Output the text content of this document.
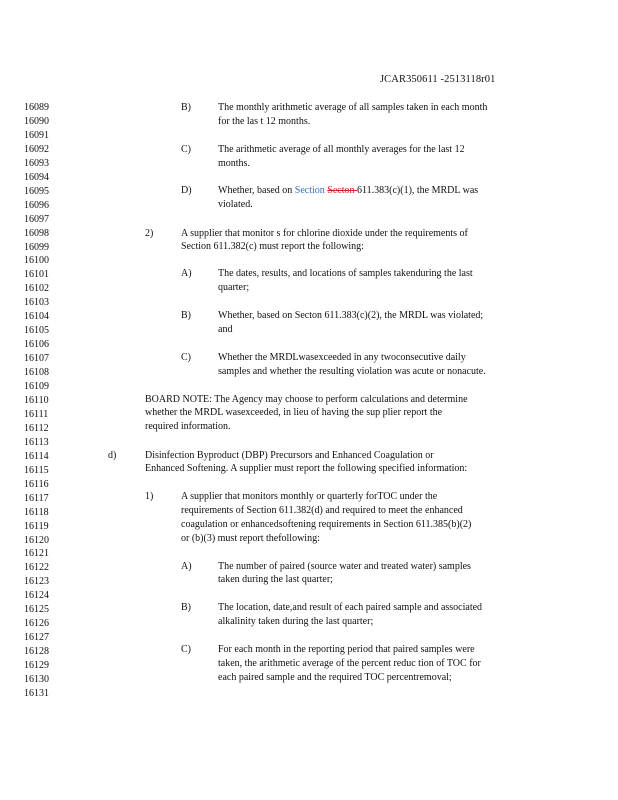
JCAR350611 -2513118r01
16089
16090
16091
16092
16093
16094
16095
16096
16097
16098
16099
16100
16101
16102
16103
16104
16105
16106
16107
16108
16109
16110
16111
16112
16113
16114
16115
16116
16117
16118
16119
16120
16121
16122
16123
16124
16125
16126
16127
16128
16129
16130
16131
B)	The monthly arithmetic average of all samples taken in each month
for the las t 12 months.
C)	The arithmetic average of all monthly averages for the last 12
months.
D)	Whether, based on Section Secton 611.383(c)(1), the MRDL was
violated.
2)	A supplier that monitor s for chlorine dioxide under the requirements of
Section 611.382(c) must report the following:
A)	The dates, results, and locations of samples takenduring the last
quarter;
B)	Whether, based on Secton 611.383(c)(2), the MRDL was violated;
and
C)	Whether the MRDLwasexceeded in any twoconsecutive daily
samples and whether the resulting violation was acute or nonacute.
BOARD NOTE: The Agency may choose to perform calculations and determine
whether the MRDL wasexceeded, in lieu of having the sup plier report the
required information.
d)	Disinfection Byproduct (DBP) Precursors and Enhanced Coagulation or
Enhanced Softening. A supplier must report the following specified information:
1)	A supplier that monitors monthly or quarterly forTOC under the
requirements of Section 611.382(d) and required to meet the enhanced
coagulation or enhancedsoftening requirements in Section 611.385(b)(2)
or (b)(3) must report thefollowing:
A)	The number of paired (source water and treated water) samples
taken during the last quarter;
B)	The location, date,and result of each paired sample and associated
alkalinity taken during the last quarter;
C)	For each month in the reporting period that paired samples were
taken, the arithmetic average of the percent reduc tion of TOC for
each paired sample and the required TOC percentremoval;
